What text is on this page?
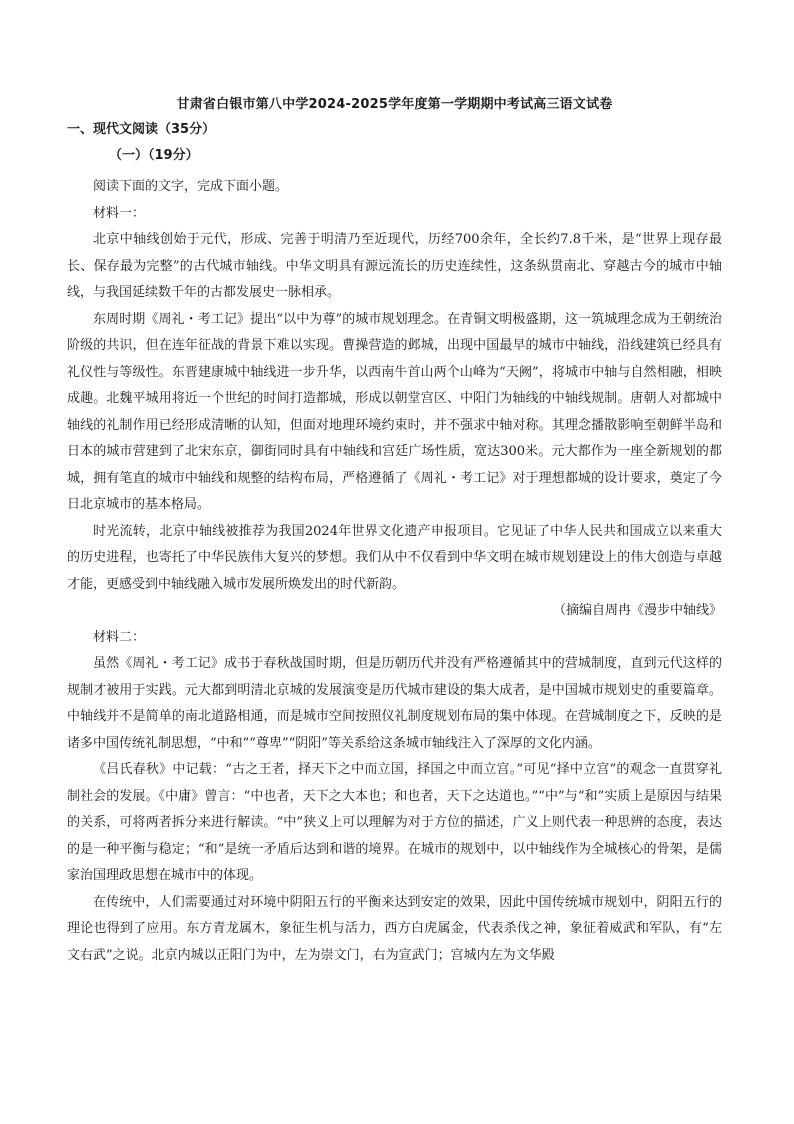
甘肃省白银市第八中学2024-2025学年度第一学期期中考试高三语文试卷
一、现代文阅读（35分）
（一）（19分）

阅读下面的文字，完成下面小题。

材料一：

北京中轴线创始于元代，形成、完善于明清乃至近现代，历经700余年，全长约7.8千米，是“世界上现存最长、保存最为完整”的古代城市轴线。中华文明具有源远流长的历史连续性，这条纵贯南北、穿越古今的城市中轴线，与我国延续数千年的古都发展史一脉相承。

东周时期《周礼・考工记》提出“以中为尊”的城市规划理念。在青铜文明极盛期，这一筑城理念成为王朝统治阶级的共识，但在连年征战的背景下难以实现。曹操营造的邺城，出现中国最早的城市中轴线，沿线建筑已经具有礼仪性与等级性。东晋建康城中轴线进一步升华，以西南牛首山两个山峰为“天阙”，将城市中轴与自然相融，相映成趣。北魏平城用将近一个世纪的时间打造都城，形成以朝堂宫区、中阳门为轴线的中轴线规制。唐朝人对都城中轴线的礼制作用已经形成清晰的认知，但面对地理环境约束时，并不强求中轴对称。其理念播散影响至朝鲜半岛和日本的城市营建到了北宋东京，御街同时具有中轴线和宫廷广场性质，宽达300米。元大都作为一座全新规划的都城，拥有笔直的城市中轴线和规整的结构布局，严格遵循了《周礼・考工记》对于理想都城的设计要求，奠定了今日北京城市的基本格局。

时光流转，北京中轴线被推荐为我国2024年世界文化遗产申报项目。它见证了中华人民共和国成立以来重大的历史进程，也寄托了中华民族伟大复兴的梦想。我们从中不仅看到中华文明在城市规划建设上的伟大创造与卓越才能，更感受到中轴线融入城市发展所焕发出的时代新韵。

（摘编自周冉《漫步中轴线》

材料二：

虽然《周礼・考工记》成书于春秋战国时期，但是历朝历代并没有严格遵循其中的营城制度，直到元代这样的规制才被用于实践。元大都到明清北京城的发展演变是历代城市建设的集大成者，是中国城市规划史的重要篇章。中轴线并不是简单的南北道路相通，而是城市空间按照仪礼制度规划布局的集中体现。在营城制度之下，反映的是诸多中国传统礼制思想，“中和”“尊卑”“阴阳”等关系给这条城市轴线注入了深厚的文化内涵。

《吕氏春秋》中记载：“古之王者，择天下之中而立国，择国之中而立宫。”可见“择中立宫”的观念一直贯穿礼制社会的发展。《中庸》曾言：“中也者，天下之大本也；和也者，天下之达道也。”“中”与“和”实质上是原因与结果的关系，可将两者拆分来进行解读。“中”狭义上可以理解为对于方位的描述，广义上则代表一种思辨的态度，表达的是一种平衡与稳定；“和”是统一矛盾后达到和谐的境界。在城市的规划中，以中轴线作为全城核心的骨架，是儒家治国理政思想在城市中的体现。

在传统中，人们需要通过对环境中阴阳五行的平衡来达到安定的效果，因此中国传统城市规划中，阴阳五行的理论也得到了应用。东方青龙属木，象征生机与活力，西方白虎属金，代表杀伐之神，象征着威武和军队，有“左文右武”之说。北京内城以正阳门为中，左为崇文门，右为宣武门；宫城内左为文华殿
